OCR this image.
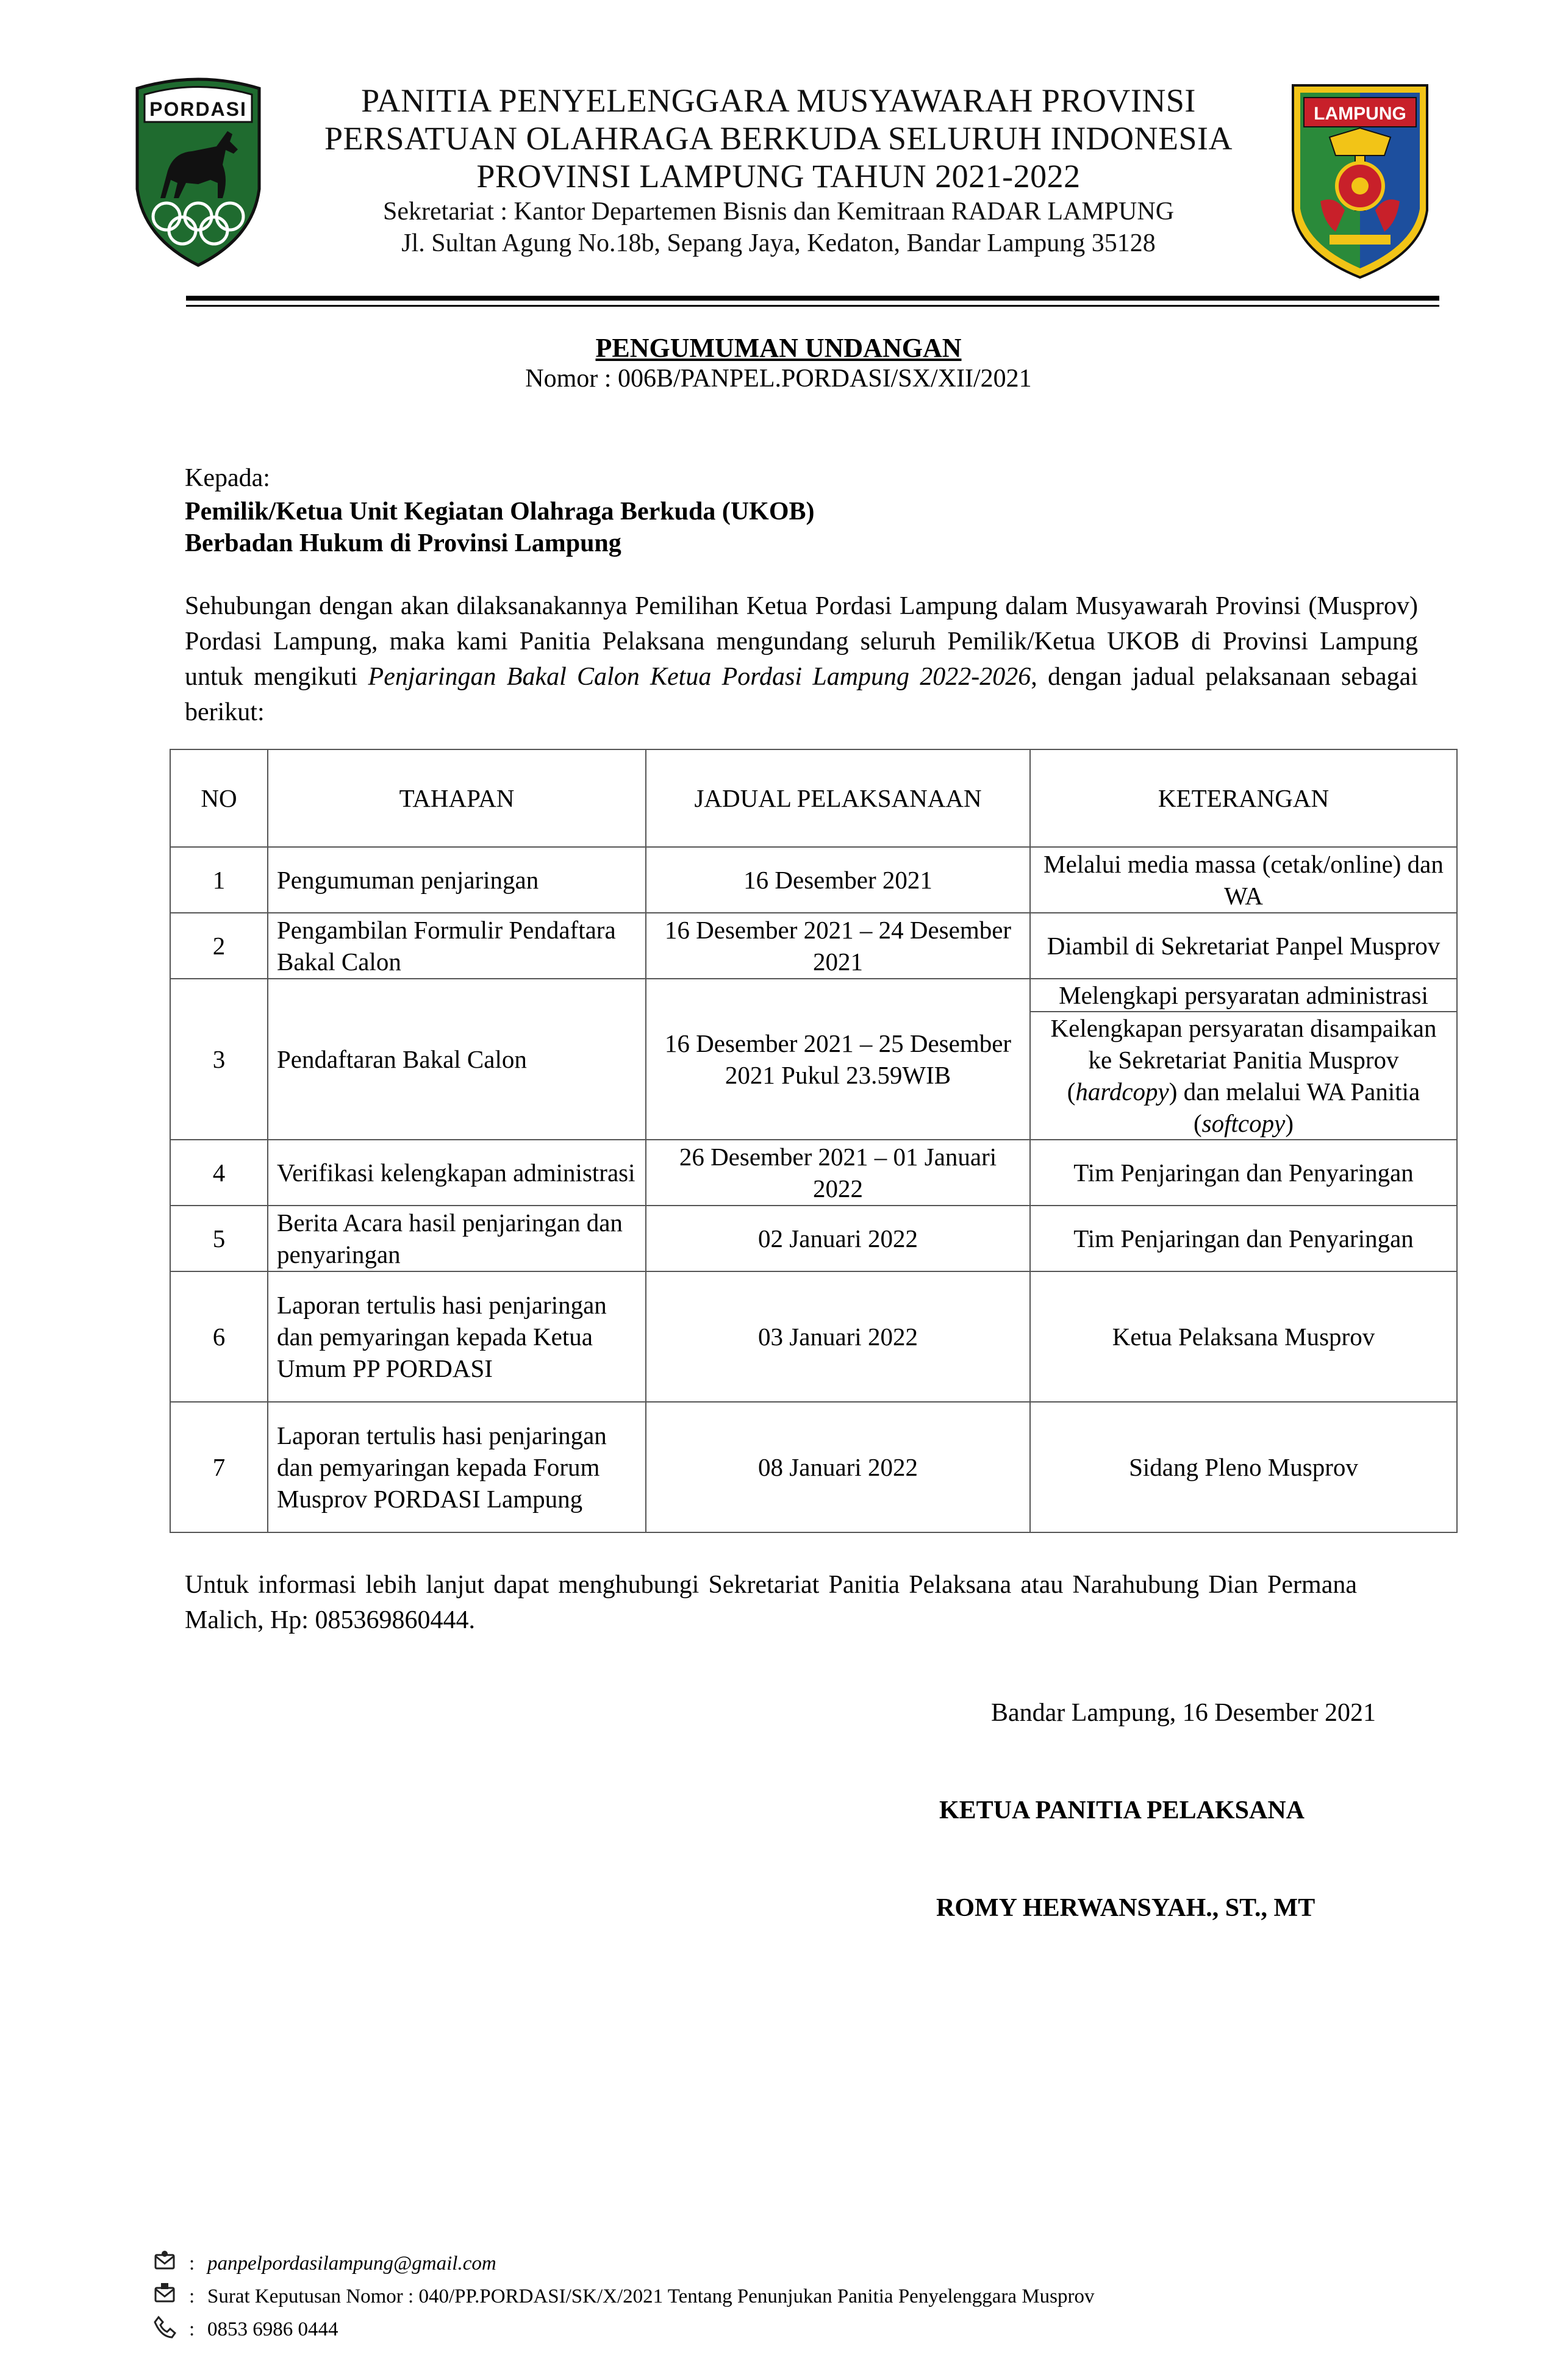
PORDASI	PANITIA PENYELENGGARA MUSYAWARAH PROVINSI
PERSATUAN OLAHRAGA BERKUDA SELURUH INDONESIA
PROVINSI LAMPUNG TAHUN 2021-2022
Sekretariat : Kantor Departemen Bisnis dan Kemitraan RADAR LAMPUNG
Jl. Sultan Agung No.18b, Sepang Jaya, Kedaton, Bandar Lampung 35128
LAMPUNG
PENGUMUMAN UNDANGAN
Nomor : 006B/PANPEL.PORDASI/SX/XII/2021
Kepada:
Pemilik/Ketua Unit Kegiatan Olahraga Berkuda (UKOB)
Berbadan Hukum di Provinsi Lampung
Sehubungan dengan akan dilaksanakannya Pemilihan Ketua Pordasi Lampung dalam Musyawarah Provinsi (Musprov) Pordasi Lampung, maka kami Panitia Pelaksana mengundang seluruh Pemilik/Ketua UKOB di Provinsi Lampung untuk mengikuti Penjaringan Bakal Calon Ketua Pordasi Lampung 2022-2026, dengan jadual pelaksanaan sebagai berikut:
NO	TAHAPAN	JADUAL PELAKSANAAN	KETERANGAN
1	Pengumuman penjaringan	16 Desember 2021	Melalui media massa (cetak/online) dan WA
2	Pengambilan Formulir Pendaftara Bakal Calon	16 Desember 2021 – 24 Desember 2021	Diambil di Sekretariat Panpel Musprov
3	Pendaftaran Bakal Calon	16 Desember 2021 – 25 Desember 2021 Pukul 23.59WIB	Melengkapi persyaratan administrasi
			Kelengkapan persyaratan disampaikan ke Sekretariat Panitia Musprov (hardcopy) dan melalui WA Panitia (softcopy)
4	Verifikasi kelengkapan administrasi	26 Desember 2021 – 01 Januari 2022	Tim Penjaringan dan Penyaringan
5	Berita Acara hasil penjaringan dan penyaringan	02 Januari 2022	Tim Penjaringan dan Penyaringan
6	Laporan tertulis hasi penjaringan dan pemyaringan kepada Ketua Umum PP PORDASI	03 Januari 2022	Ketua Pelaksana Musprov
7	Laporan tertulis hasi penjaringan dan pemyaringan kepada Forum Musprov PORDASI Lampung	08 Januari 2022	Sidang Pleno Musprov
Untuk informasi lebih lanjut dapat menghubungi Sekretariat Panitia Pelaksana atau Narahubung Dian Permana Malich, Hp: 085369860444.
Bandar Lampung, 16 Desember 2021
KETUA PANITIA PELAKSANA
ROMY HERWANSYAH., ST., MT
: panpelpordasilampung@gmail.com
: Surat Keputusan Nomor : 040/PP.PORDASI/SK/X/2021 Tentang Penunjukan Panitia Penyelenggara Musprov
: 0853 6986 0444
